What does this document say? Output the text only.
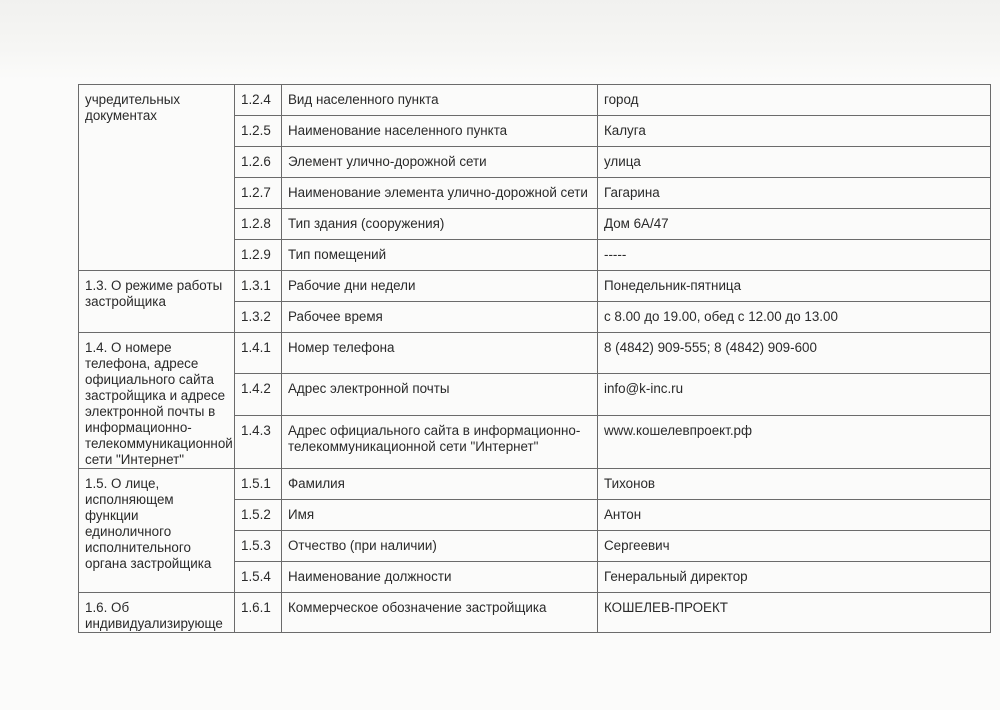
учредительных документах	1.2.4	Вид населенного пункта	город
	1.2.5	Наименование населенного пункта	Калуга
	1.2.6	Элемент улично-дорожной сети	улица
	1.2.7	Наименование элемента улично-дорожной сети	Гагарина
	1.2.8	Тип здания (сооружения)	Дом 6А/47
	1.2.9	Тип помещений	-----
1.3. О режиме работы застройщика	1.3.1	Рабочие дни недели	Понедельник-пятница
	1.3.2	Рабочее время	с 8.00 до 19.00, обед с 12.00 до 13.00
1.4. О номере телефона, адресе официального сайта застройщика и адресе электронной почты в информационно-телекоммуникационной сети "Интернет"	1.4.1	Номер телефона	8 (4842) 909-555; 8 (4842) 909-600
	1.4.2	Адрес электронной почты	info@k-inc.ru
	1.4.3	Адрес официального сайта в информационно-телекоммуникационной сети "Интернет"	www.кошелевпроект.рф
1.5. О лице, исполняющем функции единоличного исполнительного органа застройщика	1.5.1	Фамилия	Тихонов
	1.5.2	Имя	Антон
	1.5.3	Отчество (при наличии)	Сергеевич
	1.5.4	Наименование должности	Генеральный директор
1.6. Об индивидуализирующе	1.6.1	Коммерческое обозначение застройщика	КОШЕЛЕВ-ПРОЕКТ
